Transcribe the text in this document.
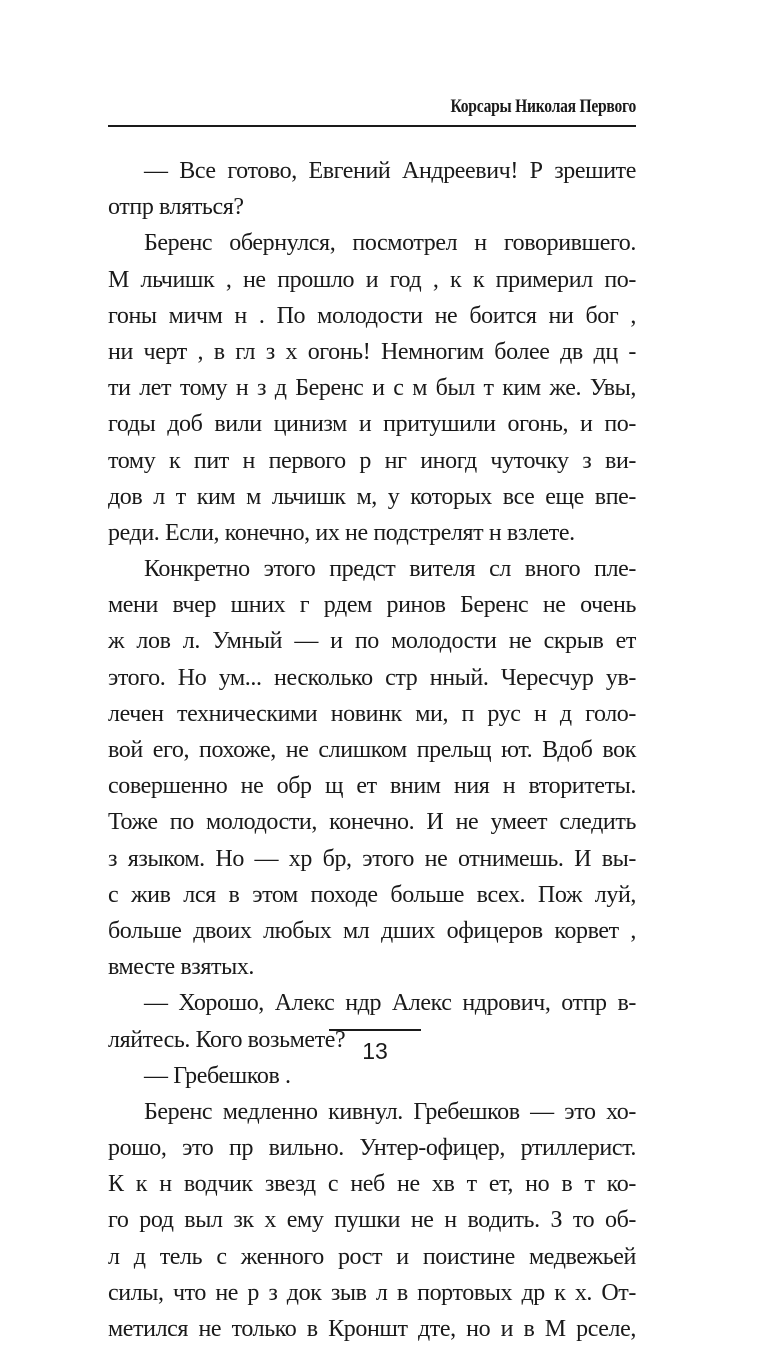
Корсары Николая Первого
— Все готово, Евгений Андреевич! Р зрешите
отпр вляться?
Беренс обернулся, посмотрел н говорившего.
М льчишк , не прошло и год , к к примерил по-
гоны мичм н . По молодости не боится ни бог ,
ни черт , в гл з х огонь! Немногим более дв дц -
ти лет тому н з д Беренс и с м был т ким же. Увы,
годы доб вили цинизм и притушили огонь, и по-
тому к пит н первого р нг иногд чуточку з ви-
дов л т ким м льчишк м, у которых все еще впе-
реди. Если, конечно, их не подстрелят н взлете.
Конкретно этого предст вителя сл вного пле-
мени вчер шних г рдем ринов Беренс не очень
ж лов л. Умный — и по молодости не скрыв ет
этого. Но ум... несколько стр нный. Чересчур ув-
лечен техническими новинк ми, п рус н д голо-
вой его, похоже, не слишком прельщ ют. Вдоб вок
совершенно не обр щ ет вним ния н вторитеты.
Тоже по молодости, конечно. И не умеет следить
з языком. Но — хр бр, этого не отнимешь. И вы-
с жив лся в этом походе больше всех. Пож луй,
больше двоих любых мл дших офицеров корвет ,
вместе взятых.
— Хорошо, Алекс ндр Алекс ндрович, отпр в-
ляйтесь. Кого возьмете?
— Гребешков .
Беренс медленно кивнул. Гребешков — это хо-
рошо, это пр вильно. Унтер-офицер, ртиллерист.
К к н водчик звезд с неб не хв т ет, но в т ко-
го род выл зк х ему пушки не н водить. З то об-
л д тель с женного рост и поистине медвежьей
силы, что не р з док зыв л в портовых др к х. От-
метился не только в Кроншт дте, но и в М рселе,
13
